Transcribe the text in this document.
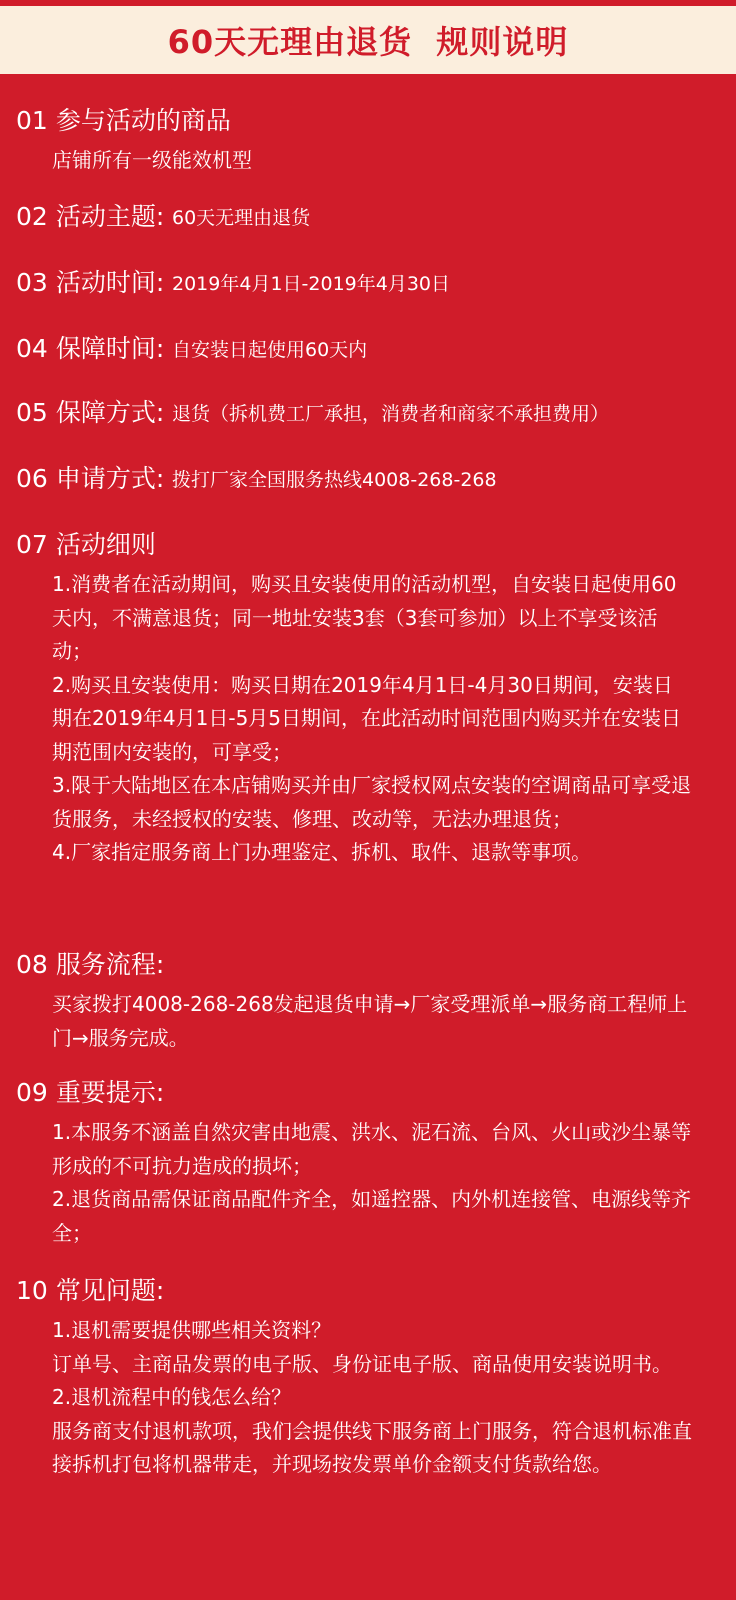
60天无理由退货  规则说明
01 参与活动的商品

店铺所有一级能效机型

02 活动主题: 60天无理由退货
03 活动时间: 2019年4月1日-2019年4月30日
04 保障时间: 自安装日起使用60天内
05 保障方式: 退货（拆机费工厂承担，消费者和商家不承担费用）
06 申请方式: 拨打厂家全国服务热线4008-268-268
07 活动细则

1.消费者在活动期间，购买且安装使用的活动机型，自安装日起使用60天内，不满意退货；同一地址安装3套（3套可参加）以上不享受该活动；

2.购买且安装使用：购买日期在2019年4月1日-4月30日期间，安装日期在2019年4月1日-5月5日期间，在此活动时间范围内购买并在安装日期范围内安装的，可享受；

3.限于大陆地区在本店铺购买并由厂家授权网点安装的空调商品可享受退货服务，未经授权的安装、修理、改动等，无法办理退货；

4.厂家指定服务商上门办理鉴定、拆机、取件、退款等事项。

08 服务流程:

买家拨打4008-268-268发起退货申请→厂家受理派单→服务商工程师上门→服务完成。

09 重要提示:

1.本服务不涵盖自然灾害由地震、洪水、泥石流、台风、火山或沙尘暴等形成的不可抗力造成的损坏；

2.退货商品需保证商品配件齐全，如遥控器、内外机连接管、电源线等齐全；

10 常见问题:

1.退机需要提供哪些相关资料？

订单号、主商品发票的电子版、身份证电子版、商品使用安装说明书。

2.退机流程中的钱怎么给？

服务商支付退机款项，我们会提供线下服务商上门服务，符合退机标准直接拆机打包将机器带走，并现场按发票单价金额支付货款给您。
